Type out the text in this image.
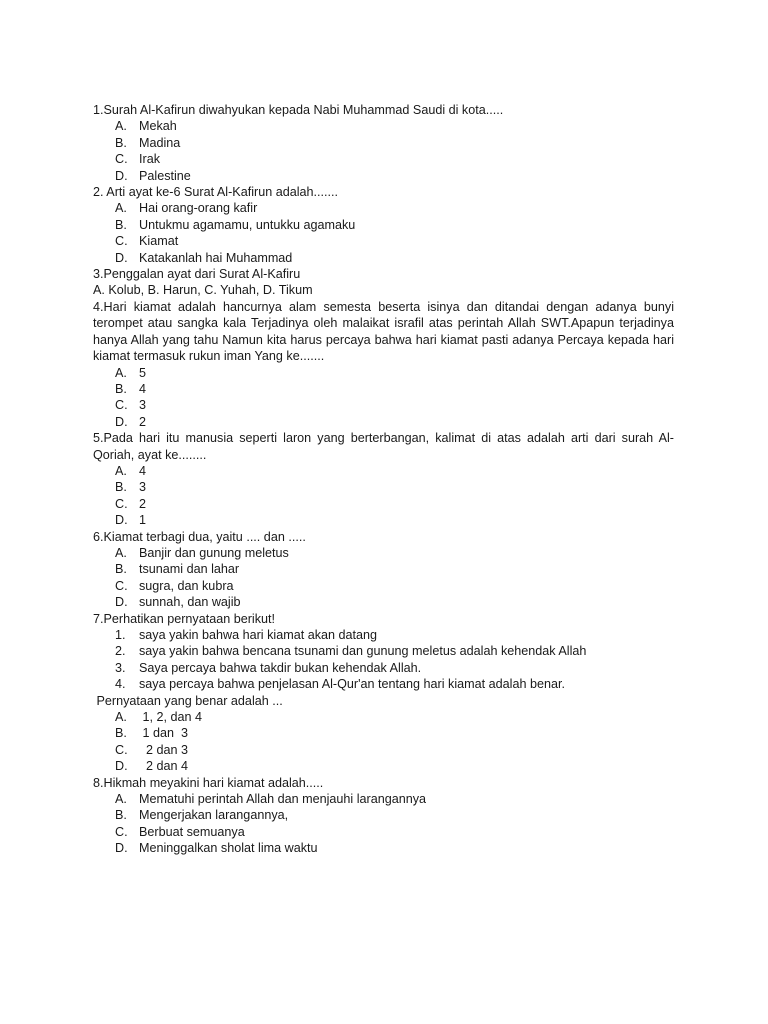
1.Surah Al-Kafirun diwahyukan kepada Nabi Muhammad Saudi di kota.....
A. Mekah
B. Madina
C. Irak
D. Palestine
2. Arti ayat ke-6 Surat Al-Kafirun adalah.......
A. Hai orang-orang kafir
B. Untukmu agamamu, untukku agamaku
C. Kiamat
D. Katakanlah hai Muhammad
3.Penggalan ayat dari Surat Al-Kafiru
A. Kolub, B. Harun, C. Yuhah, D. Tikum
4.Hari kiamat adalah hancurnya alam semesta beserta isinya dan ditandai dengan adanya bunyi terompet atau sangka kala Terjadinya oleh malaikat israfil atas perintah Allah SWT.Apapun terjadinya hanya Allah yang tahu Namun kita harus percaya bahwa hari kiamat pasti adanya Percaya kepada hari kiamat termasuk rukun iman Yang ke.......
A. 5
B. 4
C. 3
D. 2
5.Pada hari itu manusia seperti laron yang berterbangan, kalimat di atas adalah arti dari surah Al-Qoriah, ayat ke........
A. 4
B. 3
C. 2
D. 1
6.Kiamat terbagi dua, yaitu .... dan .....
A. Banjir dan gunung meletus
B. tsunami dan lahar
C. sugra, dan kubra
D. sunnah, dan wajib
7.Perhatikan pernyataan berikut!
1. saya yakin bahwa hari kiamat akan datang
2. saya yakin bahwa bencana tsunami dan gunung meletus adalah kehendak Allah
3. Saya percaya bahwa takdir bukan kehendak Allah.
4. saya percaya bahwa penjelasan Al-Qur'an tentang hari kiamat adalah benar.
Pernyataan yang benar adalah ...
A. 1, 2, dan 4
B. 1 dan  3
C. 2 dan 3
D. 2 dan 4
8.Hikmah meyakini hari kiamat adalah.....
A. Mematuhi perintah Allah dan menjauhi larangannya
B. Mengerjakan larangannya,
C. Berbuat semuanya
D. Meninggalkan sholat lima waktu
